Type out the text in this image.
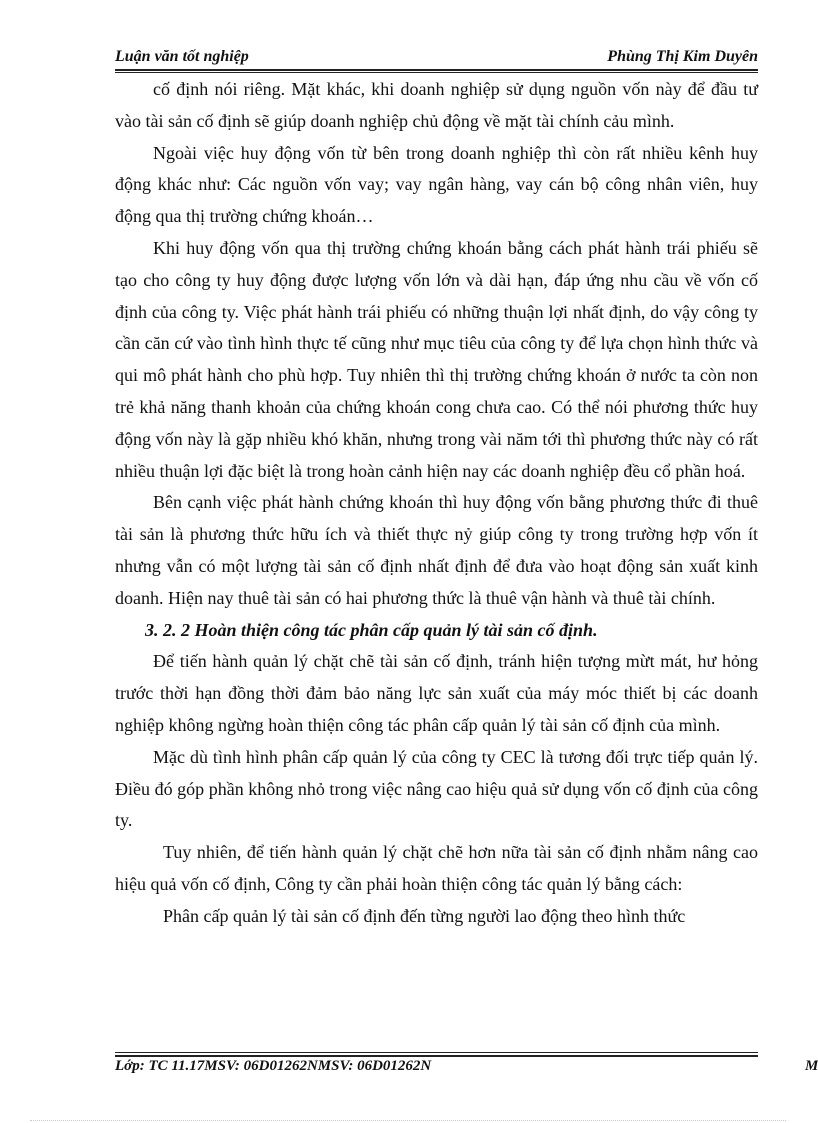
Luận văn tốt nghiệp	Phùng Thị Kim Duyên

cố định nói riêng. Mặt khác, khi doanh nghiệp sử dụng nguồn vốn này để đầu tư vào tài sản cố định sẽ giúp doanh nghiệp chủ động về mặt tài chính cảu mình.

Ngoài việc huy động vốn từ bên trong doanh nghiệp thì còn rất nhiều kênh huy động khác như: Các nguồn vốn vay; vay ngân hàng, vay cán bộ công nhân viên, huy động qua thị trường chứng khoán…

Khi huy động vốn qua thị trường chứng khoán bằng cách phát hành trái phiếu sẽ tạo cho công ty huy động được lượng vốn lớn và dài hạn, đáp ứng nhu cầu về vốn cố định của công ty. Việc phát hành trái phiếu có những thuận lợi nhất định, do vậy công ty cần căn cứ vào tình hình thực tế cũng như mục tiêu của công ty để lựa chọn hình thức và qui mô phát hành cho phù hợp. Tuy nhiên thì thị trường chứng khoán ở nước ta còn non trẻ khả năng thanh khoản của chứng khoán cong chưa cao. Có thể nói phương thức huy động vốn này là gặp nhiều khó khăn, nhưng trong vài năm tới thì phương thức này có rất nhiều thuận lợi đặc biệt là trong hoàn cảnh hiện nay các doanh nghiệp đều cổ phần hoá.

Bên cạnh việc phát hành chứng khoán thì huy động vốn bằng phương thức đi thuê tài sản là phương thức hữu ích và thiết thực nỷ giúp công ty trong trường hợp vốn ít nhưng vẫn có một lượng tài sản cố định nhất định để đưa vào hoạt động sản xuất kinh doanh. Hiện nay thuê tài sản có hai phương thức là thuê vận hành và thuê tài chính.

3. 2. 2 Hoàn thiện công tác phân cấp quản lý tài sản cố định.

Để tiến hành quản lý chặt chẽ tài sản cố định, tránh hiện tượng mừt mát, hư hỏng trước thời hạn đồng thời đảm bảo năng lực sản xuất của máy móc thiết bị các doanh nghiệp không ngừng hoàn thiện công tác phân cấp quản lý tài sản cố định của mình.

Mặc dù tình hình phân cấp quản lý của công ty CEC là tương đối trực tiếp quản lý. Điều đó góp phần không nhỏ trong việc nâng cao hiệu quả sử dụng vốn cố định của công ty.

Tuy nhiên, để tiến hành quản lý chặt chẽ hơn nữa tài sản cố định nhằm nâng cao hiệu quả vốn cố định, Công ty cần phải hoàn thiện công tác quản lý bằng cách:

Phân cấp quản lý tài sản cố định đến từng người lao động theo hình thức

Lớp: TC 11.17MSV: 06D01262NMSV: 06D01262N	M
